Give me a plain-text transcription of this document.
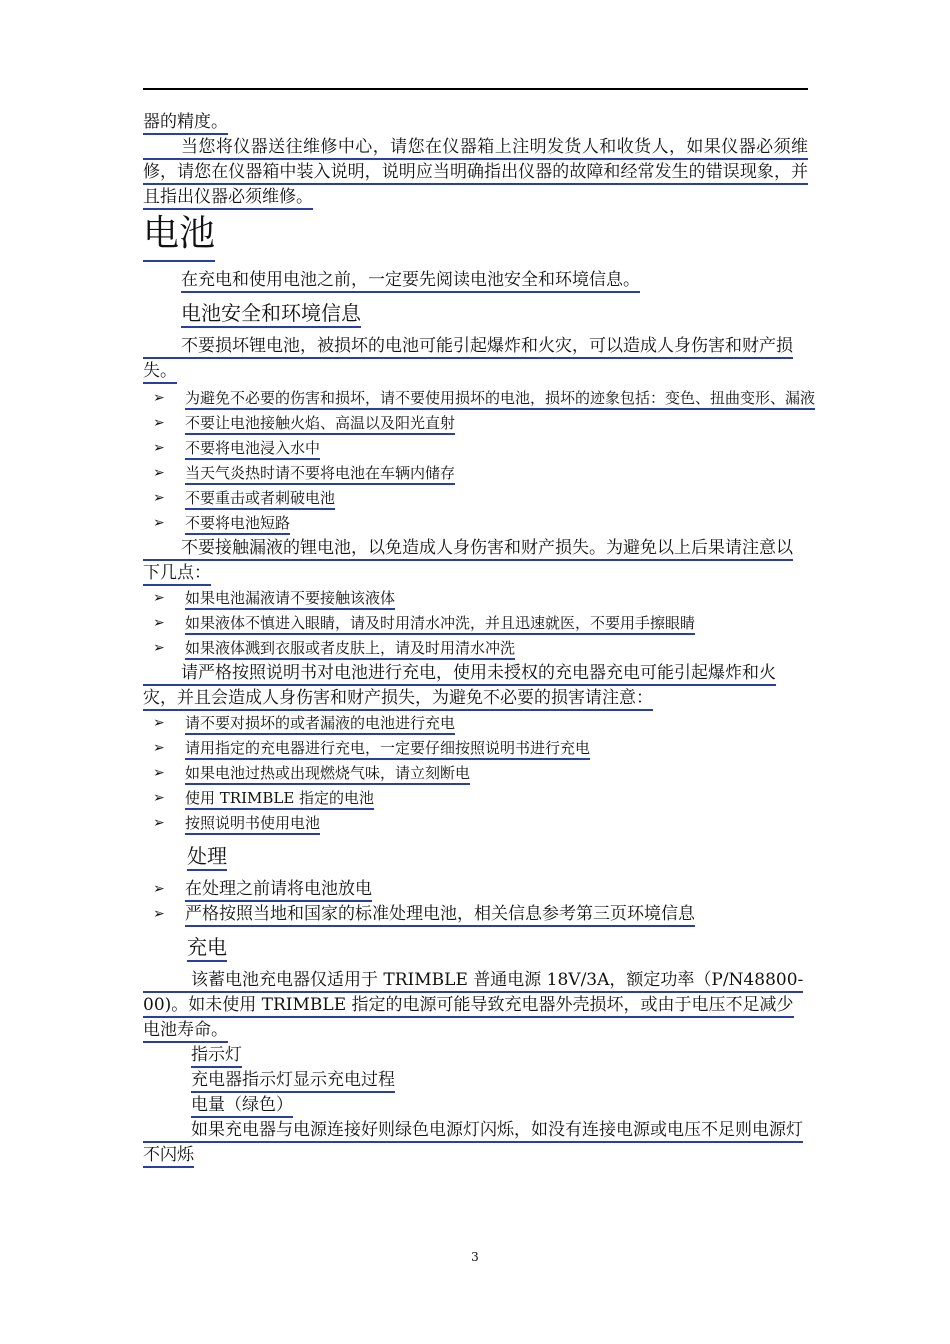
器的精度。
当您将仪器送往维修中心，请您在仪器箱上注明发货人和收货人，如果仪器必须维修，请您在仪器箱中装入说明，说明应当明确指出仪器的故障和经常发生的错误现象，并且指出仪器必须维修。
电池
在充电和使用电池之前，一定要先阅读电池安全和环境信息。
电池安全和环境信息
不要损坏锂电池，被损坏的电池可能引起爆炸和火灾，可以造成人身伤害和财产损失。
➢ 为避免不必要的伤害和损坏，请不要使用损坏的电池，损坏的迹象包括：变色、扭曲变形、漏液
➢ 不要让电池接触火焰、高温以及阳光直射
➢ 不要将电池浸入水中
➢ 当天气炎热时请不要将电池在车辆内储存
➢ 不要重击或者刺破电池
➢ 不要将电池短路
不要接触漏液的锂电池，以免造成人身伤害和财产损失。为避免以上后果请注意以下几点：
➢ 如果电池漏液请不要接触该液体
➢ 如果液体不慎进入眼睛，请及时用清水冲洗，并且迅速就医，不要用手擦眼睛
➢ 如果液体溅到衣服或者皮肤上，请及时用清水冲洗
请严格按照说明书对电池进行充电，使用未授权的充电器充电可能引起爆炸和火灾，并且会造成人身伤害和财产损失，为避免不必要的损害请注意：
➢ 请不要对损坏的或者漏液的电池进行充电
➢ 请用指定的充电器进行充电，一定要仔细按照说明书进行充电
➢ 如果电池过热或出现燃烧气味，请立刻断电
➢ 使用 TRIMBLE 指定的电池
➢ 按照说明书使用电池
处理
➢ 在处理之前请将电池放电
➢ 严格按照当地和国家的标准处理电池，相关信息参考第三页环境信息
充电
该蓄电池充电器仅适用于 TRIMBLE 普通电源 18V/3A，额定功率（P/N48800-00)。如未使用 TRIMBLE 指定的电源可能导致充电器外壳损坏，或由于电压不足减少电池寿命。
指示灯
充电器指示灯显示充电过程
电量（绿色）
如果充电器与电源连接好则绿色电源灯闪烁，如没有连接电源或电压不足则电源灯不闪烁
3
